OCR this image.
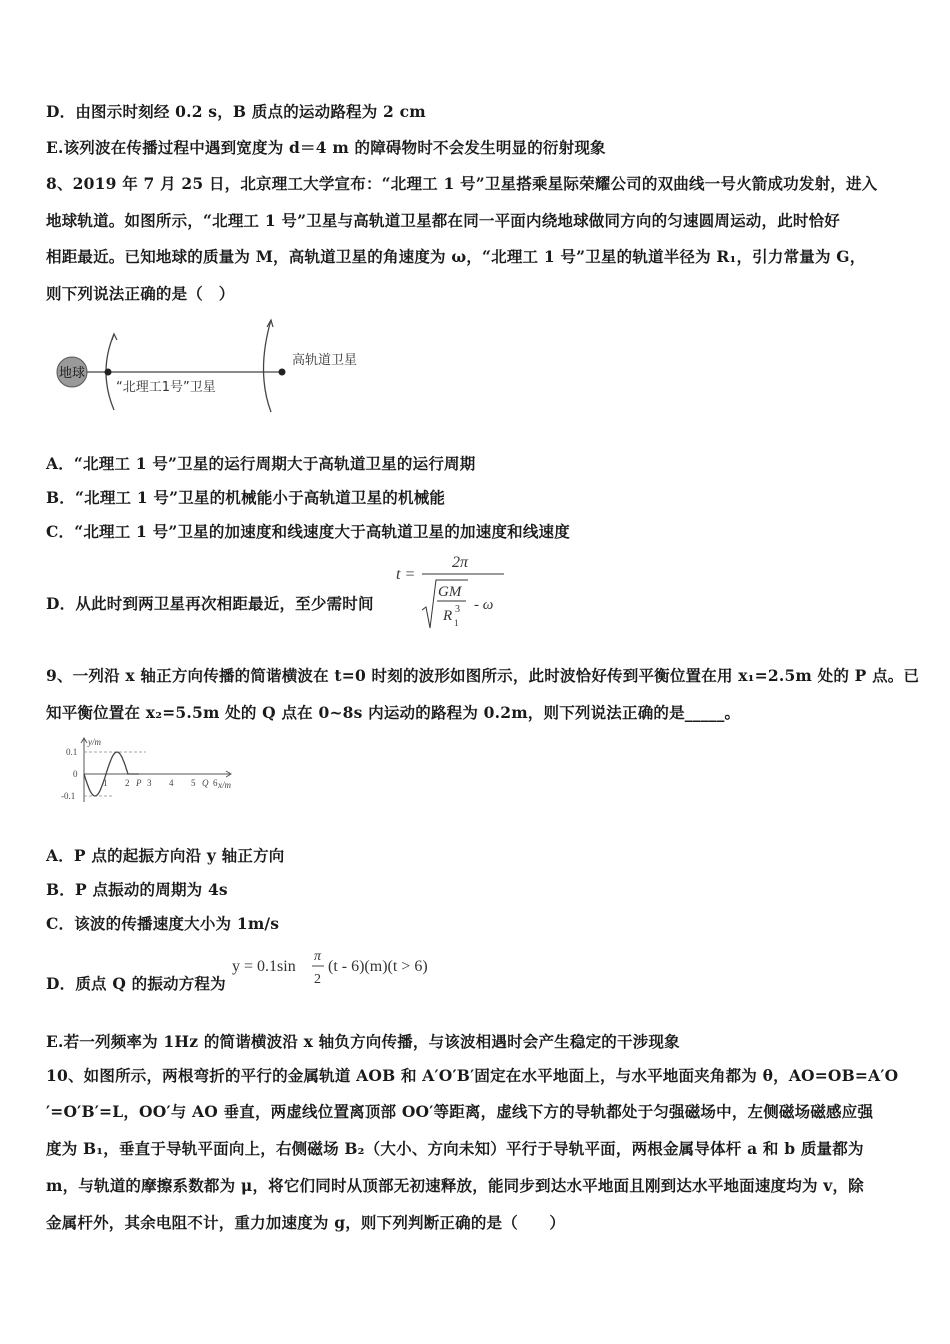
D．由图示时刻经 0.2 s，B 质点的运动路程为 2 cm
E.该列波在传播过程中遇到宽度为 d＝4 m 的障碍物时不会发生明显的衍射现象
8、2019 年 7 月 25 日，北京理工大学宣布：“北理工 1 号”卫星搭乘星际荣耀公司的双曲线一号火箭成功发射，进入
地球轨道。如图所示，“北理工 1 号”卫星与高轨道卫星都在同一平面内绕地球做同方向的匀速圆周运动，此时恰好
相距最近。已知地球的质量为 M，高轨道卫星的角速度为 ω，“北理工 1 号”卫星的轨道半径为 R₁，引力常量为 G，
则下列说法正确的是（　）
地球
“北理工1号”卫星
高轨道卫星
A．“北理工 1 号”卫星的运行周期大于高轨道卫星的运行周期
B．“北理工 1 号”卫星的机械能小于高轨道卫星的机械能
C．“北理工 1 号”卫星的加速度和线速度大于高轨道卫星的加速度和线速度
D．从此时到两卫星再次相距最近，至少需时间
t =
2π
GM
R 3
1
- ω
9、一列沿 x 轴正方向传播的简谐横波在 t=0 时刻的波形如图所示，此时波恰好传到平衡位置在用 x₁=2.5m 处的 P 点。已
知平衡位置在 x₂=5.5m 处的 Q 点在 0~8s 内运动的路程为 0.2m，则下列说法正确的是_____。
y/m
0.1
0
-0.1
1 2 P 3 4 5 Q 6 x/m
A．P 点的起振方向沿 y 轴正方向
B．P 点振动的周期为 4s
C．该波的传播速度大小为 1m/s
D．质点 Q 的振动方程为
y = 0.1sin
π
2
(t - 6)(m)(t > 6)
E.若一列频率为 1Hz 的简谐横波沿 x 轴负方向传播，与该波相遇时会产生稳定的干涉现象
10、如图所示，两根弯折的平行的金属轨道 AOB 和 A′O′B′固定在水平地面上，与水平地面夹角都为 θ，AO=OB=A′O
′=O′B′=L，OO′与 AO 垂直，两虚线位置离顶部 OO′等距离，虚线下方的导轨都处于匀强磁场中，左侧磁场磁感应强
度为 B₁，垂直于导轨平面向上，右侧磁场 B₂（大小、方向未知）平行于导轨平面，两根金属导体杆 a 和 b 质量都为
m，与轨道的摩擦系数都为 μ，将它们同时从顶部无初速释放，能同步到达水平地面且刚到达水平地面速度均为 v，除
金属杆外，其余电阻不计，重力加速度为 g，则下列判断正确的是（　　）
